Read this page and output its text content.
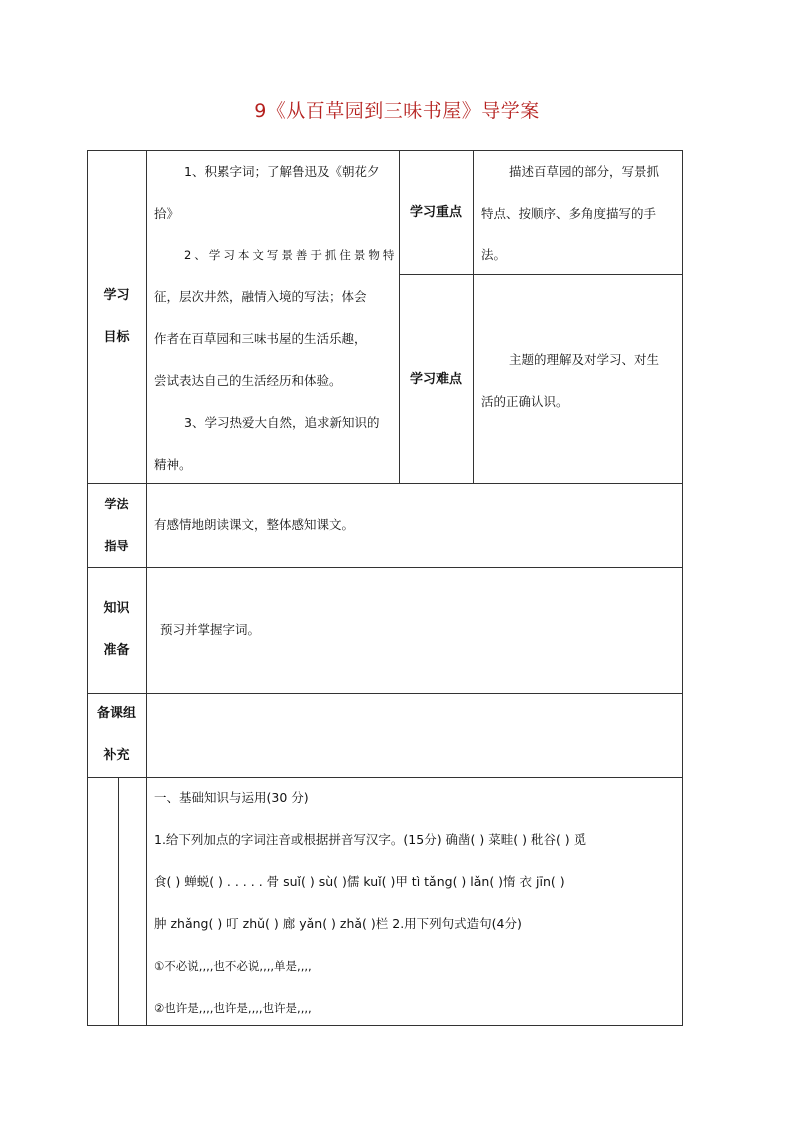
9《从百草园到三味书屋》导学案
学习
目标
1、积累字词；了解鲁迅及《朝花夕
拾》
2、学习本文写景善于抓住景物特
征，层次井然，融情入境的写法；体会
作者在百草园和三味书屋的生活乐趣，
尝试表达自己的生活经历和体验。
3、学习热爱大自然，追求新知识的
精神。
学习重点
描述百草园的部分，写景抓
特点、按顺序、多角度描写的手
法。
学习难点
主题的理解及对学习、对生
活的正确认识。
学法
指导
有感情地朗读课文，整体感知课文。
知识
准备
预习并掌握字词。
备课组
补充
一、基础知识与运用(30 分)
1.给下列加点的字词注音或根据拼音写汉字。(15分) 确凿( ) 菜畦( ) 秕谷( ) 觅
食( ) 蝉蜕( ) . . . . . 骨 suǐ( ) sù( )儒 kuǐ( )甲 tì tǎng( ) lǎn( )惰 衣 jīn( )
肿 zhǎng( ) 叮 zhǔ( ) 廊 yǎn( ) zhǎ( )栏 2.用下列句式造句(4分)
①不必说,,,,也不必说,,,,单是,,,,
②也许是,,,,也许是,,,,也许是,,,,
